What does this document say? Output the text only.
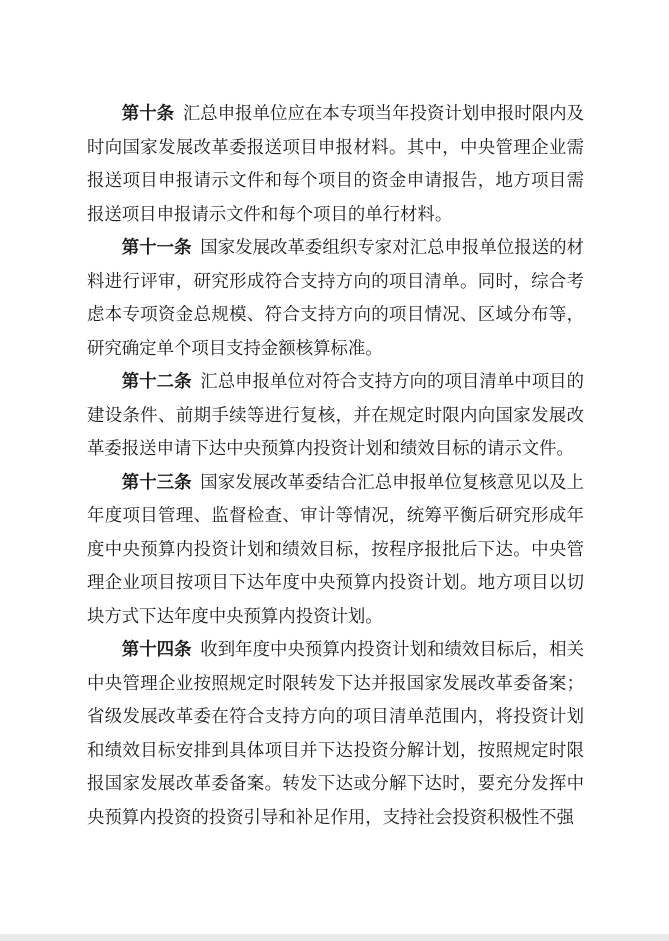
第十条 汇总申报单位应在本专项当年投资计划申报时限内及时向国家发展改革委报送项目申报材料。其中，中央管理企业需报送项目申报请示文件和每个项目的资金申请报告，地方项目需报送项目申报请示文件和每个项目的单行材料。

第十一条 国家发展改革委组织专家对汇总申报单位报送的材料进行评审，研究形成符合支持方向的项目清单。同时，综合考虑本专项资金总规模、符合支持方向的项目情况、区域分布等，研究确定单个项目支持金额核算标准。

第十二条 汇总申报单位对符合支持方向的项目清单中项目的建设条件、前期手续等进行复核，并在规定时限内向国家发展改革委报送申请下达中央预算内投资计划和绩效目标的请示文件。

第十三条 国家发展改革委结合汇总申报单位复核意见以及上年度项目管理、监督检查、审计等情况，统筹平衡后研究形成年度中央预算内投资计划和绩效目标，按程序报批后下达。中央管理企业项目按项目下达年度中央预算内投资计划。地方项目以切块方式下达年度中央预算内投资计划。

第十四条 收到年度中央预算内投资计划和绩效目标后，相关中央管理企业按照规定时限转发下达并报国家发展改革委备案；省级发展改革委在符合支持方向的项目清单范围内，将投资计划和绩效目标安排到具体项目并下达投资分解计划，按照规定时限报国家发展改革委备案。转发下达或分解下达时，要充分发挥中央预算内投资的投资引导和补足作用，支持社会投资积极性不强
